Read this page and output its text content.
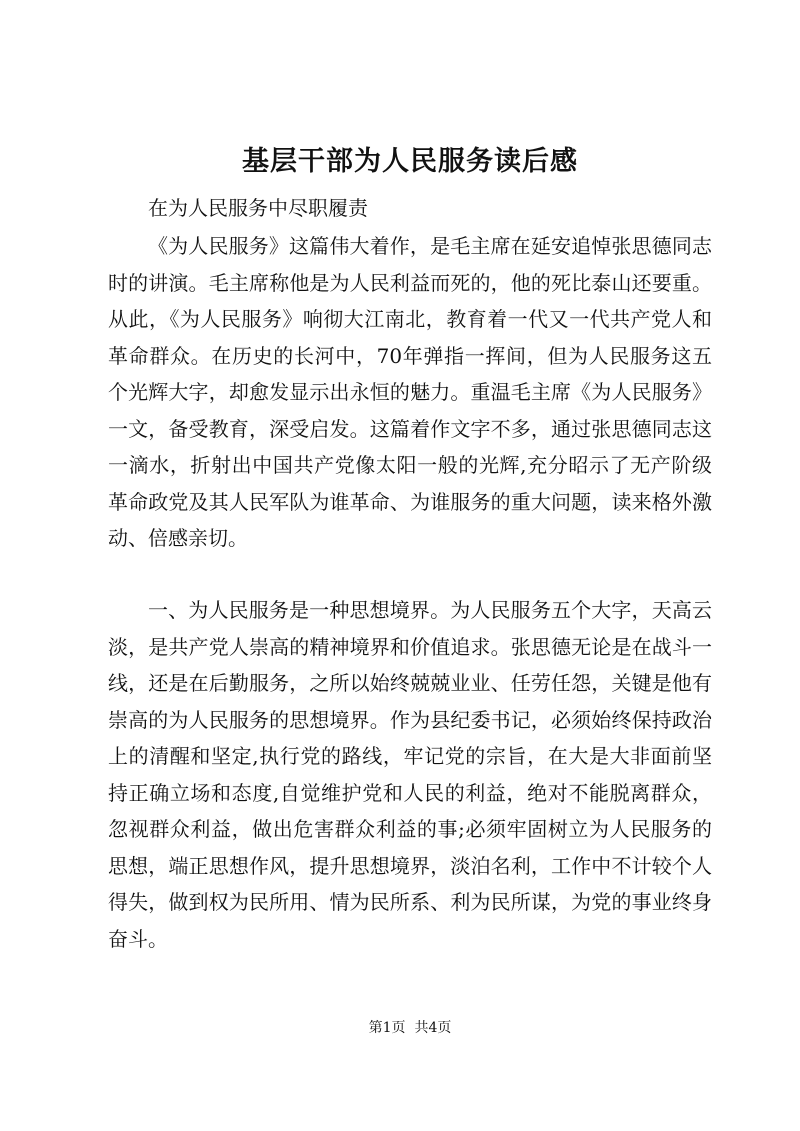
基层干部为人民服务读后感

在为人民服务中尽职履责

《为人民服务》这篇伟大着作，是毛主席在延安追悼张思德同志时的讲演。毛主席称他是为人民利益而死的，他的死比泰山还要重。从此，《为人民服务》响彻大江南北，教育着一代又一代共产党人和革命群众。在历史的长河中，70年弹指一挥间，但为人民服务这五个光辉大字，却愈发显示出永恒的魅力。重温毛主席《为人民服务》一文，备受教育，深受启发。这篇着作文字不多，通过张思德同志这一滴水，折射出中国共产党像太阳一般的光辉,充分昭示了无产阶级革命政党及其人民军队为谁革命、为谁服务的重大问题，读来格外激动、倍感亲切。

一、为人民服务是一种思想境界。为人民服务五个大字，天高云淡，是共产党人崇高的精神境界和价值追求。张思德无论是在战斗一线，还是在后勤服务，之所以始终兢兢业业、任劳任怨，关键是他有崇高的为人民服务的思想境界。作为县纪委书记，必须始终保持政治上的清醒和坚定,执行党的路线，牢记党的宗旨，在大是大非面前坚持正确立场和态度,自觉维护党和人民的利益，绝对不能脱离群众，忽视群众利益，做出危害群众利益的事;必须牢固树立为人民服务的思想，端正思想作风，提升思想境界，淡泊名利，工作中不计较个人得失，做到权为民所用、情为民所系、利为民所谋，为党的事业终身奋斗。

第1页  共4页
